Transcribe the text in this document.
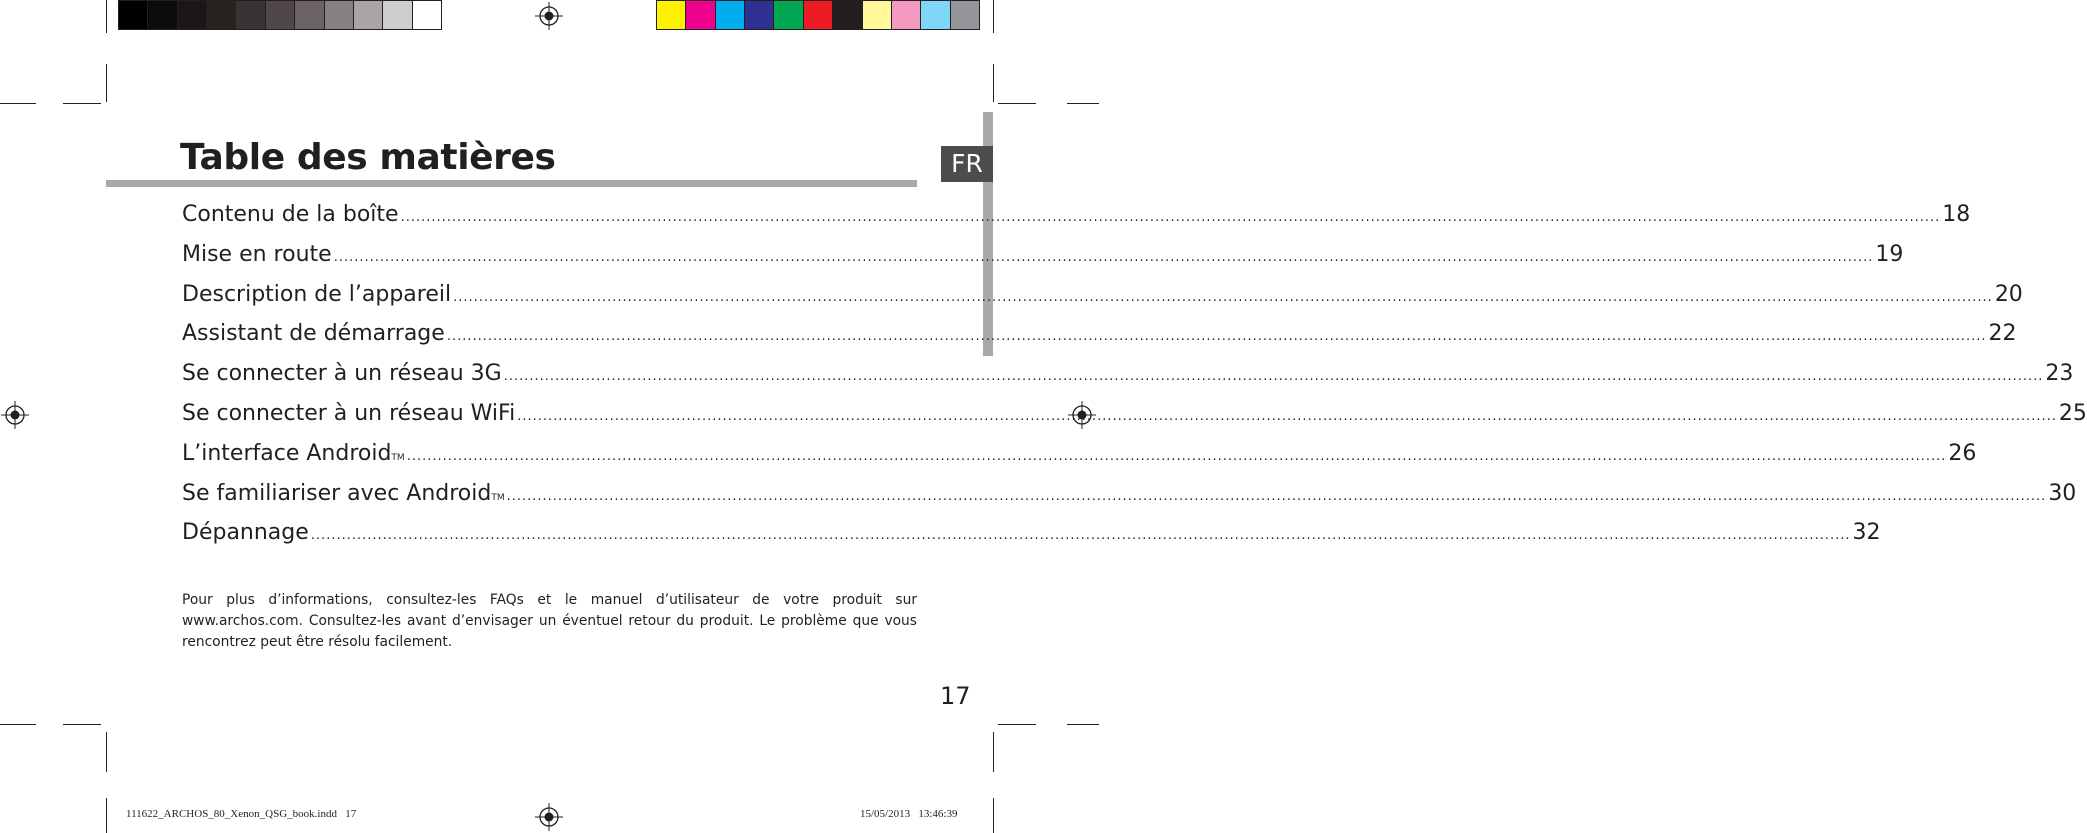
FR
Table des matières
Contenu de la boîte ............................................................................................................................................................................................................................................................................................................ 18
Mise en route ............................................................................................................................................................................................................................................................................................................ 19
Description de l’appareil ............................................................................................................................................................................................................................................................................................................ 20
Assistant de démarrage ............................................................................................................................................................................................................................................................................................................ 22
Se connecter à un réseau 3G ............................................................................................................................................................................................................................................................................................................ 23
Se connecter à un réseau WiFi ............................................................................................................................................................................................................................................................................................................ 25
L’interface Android TM ............................................................................................................................................................................................................................................................................................................ 26
Se familiariser avec Android TM ............................................................................................................................................................................................................................................................................................................ 30
Dépannage ............................................................................................................................................................................................................................................................................................................ 32
Pour plus d’informations, consultez-les FAQs et le manuel d’utilisateur de votre produit sur www.archos.com. Consultez-les avant d’envisager un éventuel retour du produit. Le problème que vous rencontrez peut être résolu facilement.
17
111622_ARCHOS_80_Xenon_QSG_book.indd   17	15/05/2013   13:46:39
